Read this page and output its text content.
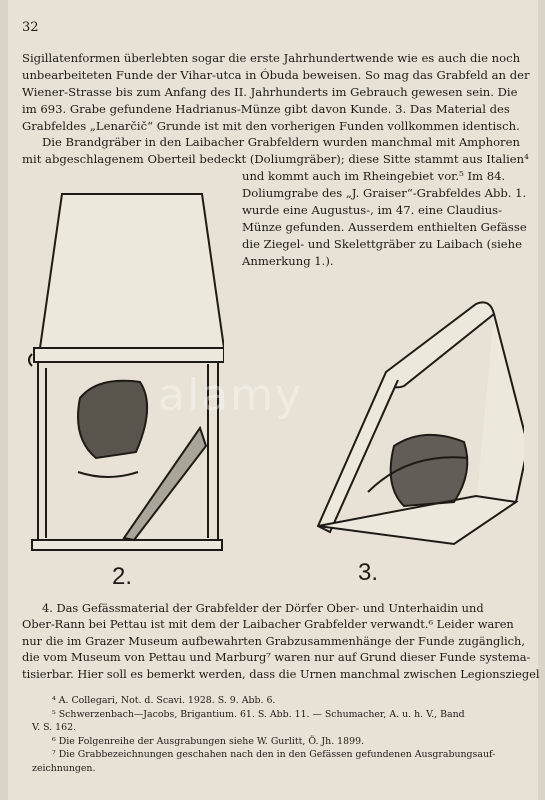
32
Sigillatenformen überlebten sogar die erste Jahrhundertwende wie es auch die noch
unbearbeiteten Funde der Vihar-utca in Óbuda beweisen. So mag das Grabfeld an der
Wiener-Strasse bis zum Anfang des II. Jahrhunderts im Gebrauch gewesen sein. Die
im 693. Grabe gefundene Hadrianus-Münze gibt davon Kunde. 3. Das Material des
Grabfeldes „Lenarčič“ Grunde ist mit den vorherigen Funden vollkommen identisch.
Die Brandgräber in den Laibacher Grabfeldern wurden manchmal mit Amphoren
mit abgeschlagenem Oberteil bedeckt (Doliumgräber); diese Sitte stammt aus Italien⁴
und kommt auch im Rheingebiet vor.⁵ Im 84.
Doliumgrabe des „J. Graiser“-Grabfeldes Abb. 1.
wurde eine Augustus-, im 47. eine Claudius-
Münze gefunden. Ausserdem enthielten Gefässe
die Ziegel- und Skelettgräber zu Laibach (siehe
Anmerkung 1.).
2.	3.
4. Das Gefässmaterial der Grabfelder der Dörfer Ober- und Unterhaidin und
Ober-Rann bei Pettau ist mit dem der Laibacher Grabfelder verwandt.⁶ Leider waren
nur die im Grazer Museum aufbewahrten Grabzusammenhänge der Funde zugänglich,
die vom Museum von Pettau und Marburg⁷ waren nur auf Grund dieser Funde systema-
tisierbar. Hier soll es bemerkt werden, dass die Urnen manchmal zwischen Legionsziegel
⁴ A. Collegari, Not. d. Scavi. 1928. S. 9. Abb. 6.
⁵ Schwerzenbach—Jacobs, Brigantium. 61. S. Abb. 11. — Schumacher, A. u. h. V., Band
V. S. 162.
⁶ Die Folgenreihe der Ausgrabungen siehe W. Gurlitt, Ö. Jh. 1899.
⁷ Die Grabbezeichnungen geschahen nach den in den Gefässen gefundenen Ausgrabungsauf-
zeichnungen.
alamy
